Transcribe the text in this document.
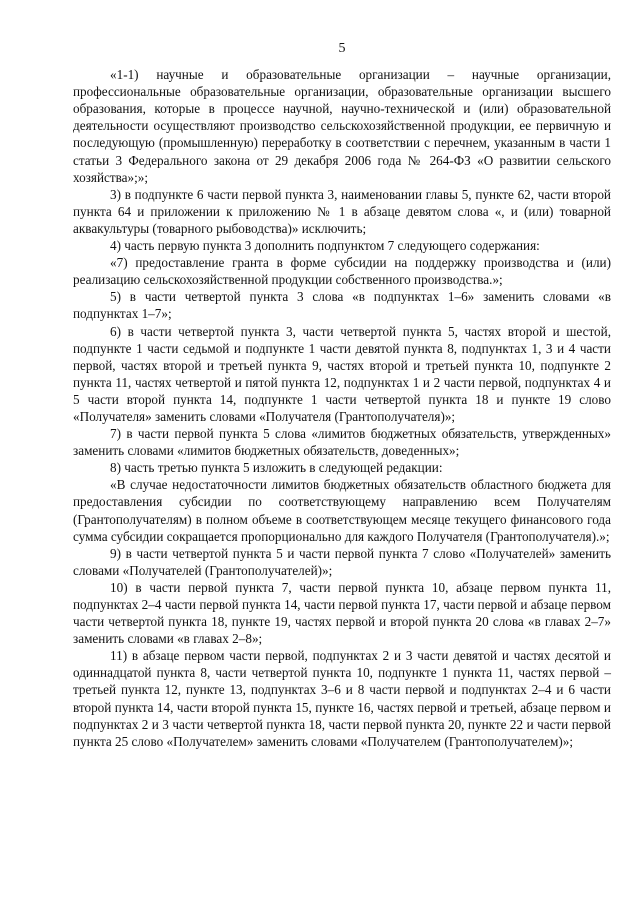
5

«1-1) научные и образовательные организации – научные организации, профессиональные образовательные организации, образовательные организации высшего образования, которые в процессе научной, научно-технической и (или) образовательной деятельности осуществляют производство сельскохозяйственной продукции, ее первичную и последующую (промышленную) переработку в соответствии с перечнем, указанным в части 1 статьи 3 Федерального закона от 29 декабря 2006 года № 264-ФЗ «О развитии сельского хозяйства»;»;

3) в подпункте 6 части первой пункта 3, наименовании главы 5, пункте 62, части второй пункта 64 и приложении к приложению № 1 в абзаце девятом слова «, и (или) товарной аквакультуры (товарного рыбоводства)» исключить;

4) часть первую пункта 3 дополнить подпунктом 7 следующего содержания:

«7) предоставление гранта в форме субсидии на поддержку производства и (или) реализацию сельскохозяйственной продукции собственного производства.»;

5) в части четвертой пункта 3 слова «в подпунктах 1–6» заменить словами «в подпунктах 1–7»;

6) в части четвертой пункта 3, части четвертой пункта 5, частях второй и шестой, подпункте 1 части седьмой и подпункте 1 части девятой пункта 8, подпунктах 1, 3 и 4 части первой, частях второй и третьей пункта 9, частях второй и третьей пункта 10, подпункте 2 пункта 11, частях четвертой и пятой пункта 12, подпунктах 1 и 2 части первой, подпунктах 4 и 5 части второй пункта 14, подпункте 1 части четвертой пункта 18 и пункте 19 слово «Получателя» заменить словами «Получателя (Грантополучателя)»;

7) в части первой пункта 5 слова «лимитов бюджетных обязательств, утвержденных» заменить словами «лимитов бюджетных обязательств, доведенных»;

8) часть третью пункта 5 изложить в следующей редакции:

«В случае недостаточности лимитов бюджетных обязательств областного бюджета для предоставления субсидии по соответствующему направлению всем Получателям (Грантополучателям) в полном объеме в соответствующем месяце текущего финансового года сумма субсидии сокращается пропорционально для каждого Получателя (Грантополучателя).»;

9) в части четвертой пункта 5 и части первой пункта 7 слово «Получателей» заменить словами «Получателей (Грантополучателей)»;

10) в части первой пункта 7, части первой пункта 10, абзаце первом пункта 11, подпунктах 2–4 части первой пункта 14, части первой пункта 17, части первой и абзаце первом части четвертой пункта 18, пункте 19, частях первой и второй пункта 20 слова «в главах 2–7» заменить словами «в главах 2–8»;

11) в абзаце первом части первой, подпунктах 2 и 3 части девятой и частях десятой и одиннадцатой пункта 8, части четвертой пункта 10, подпункте 1 пункта 11, частях первой – третьей пункта 12, пункте 13, подпунктах 3–6 и 8 части первой и подпунктах 2–4 и 6 части второй пункта 14, части второй пункта 15, пункте 16, частях первой и третьей, абзаце первом и подпунктах 2 и 3 части четвертой пункта 18, части первой пункта 20, пункте 22 и части первой пункта 25 слово «Получателем» заменить словами «Получателем (Грантополучателем)»;
